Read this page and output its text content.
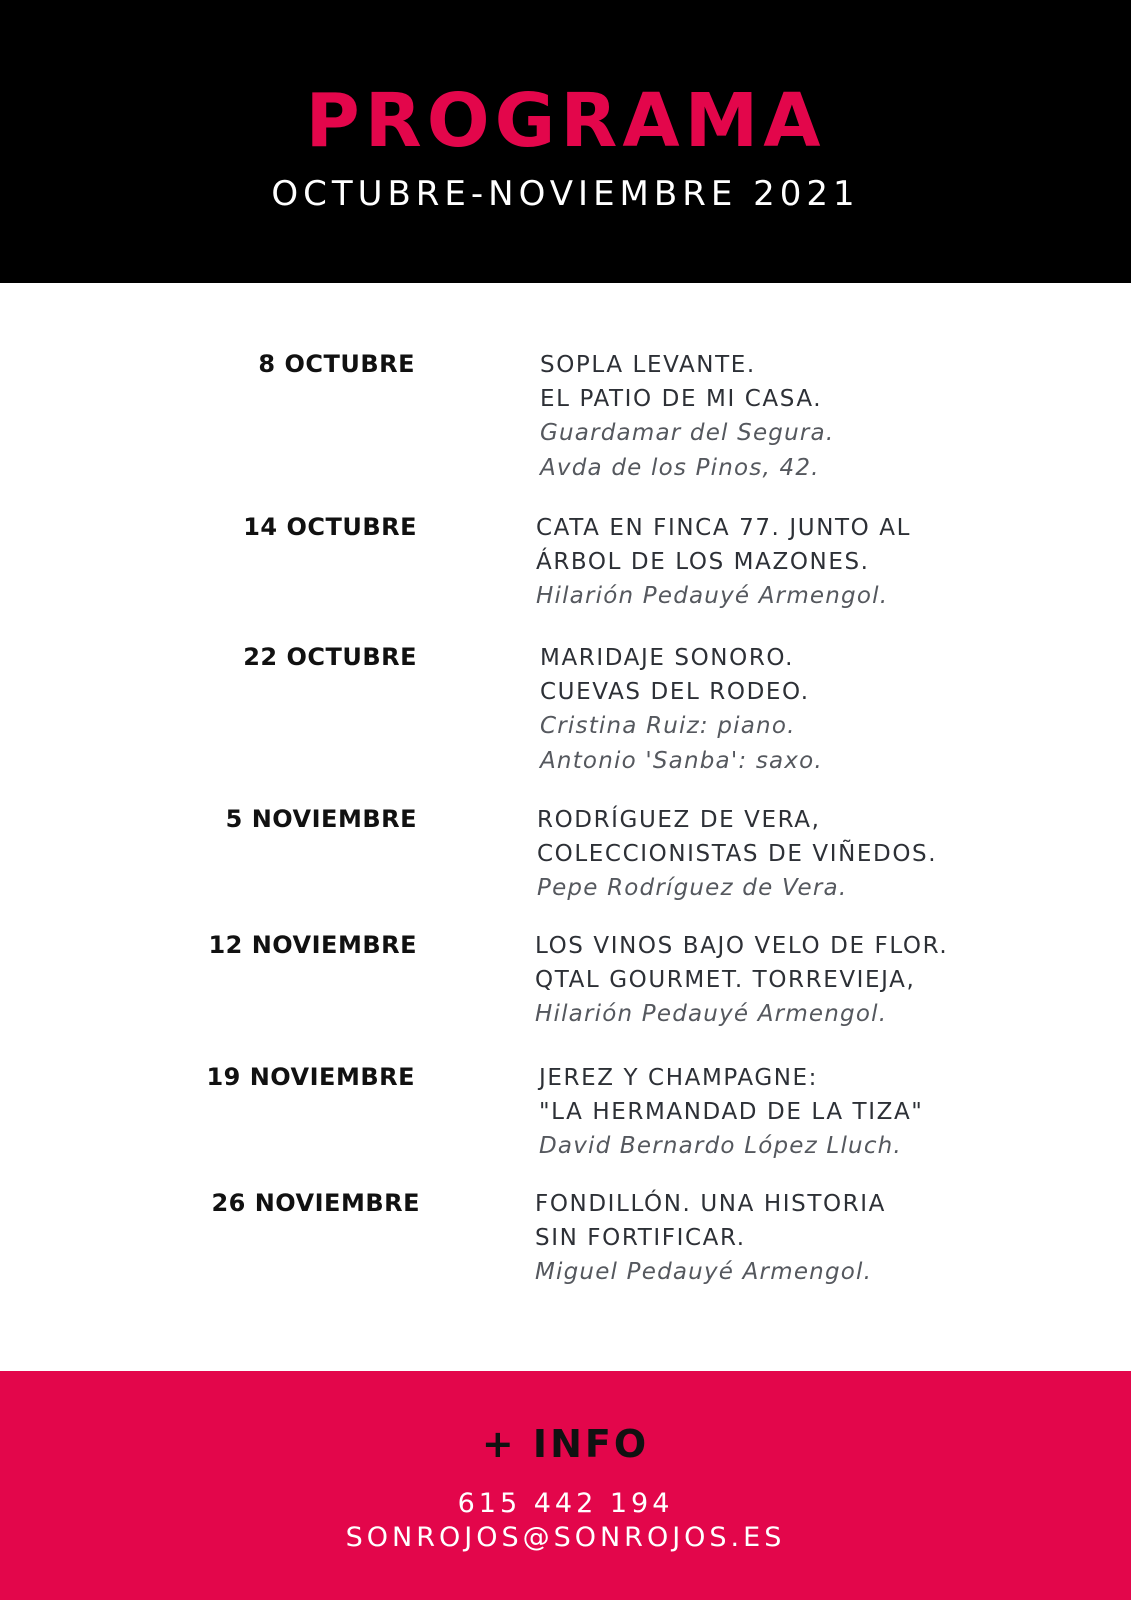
PROGRAMA
OCTUBRE-NOVIEMBRE 2021
8 OCTUBRE	SOPLA LEVANTE.
EL PATIO DE MI CASA.
Guardamar del Segura.
Avda de los Pinos, 42.
14 OCTUBRE	CATA EN FINCA 77. JUNTO AL
ÁRBOL DE LOS MAZONES.
Hilarión Pedauyé Armengol.
22 OCTUBRE	MARIDAJE SONORO.
CUEVAS DEL RODEO.
Cristina Ruiz: piano.
Antonio 'Sanba': saxo.
5 NOVIEMBRE	RODRÍGUEZ DE VERA,
COLECCIONISTAS DE VIÑEDOS.
Pepe Rodríguez de Vera.
12 NOVIEMBRE	LOS VINOS BAJO VELO DE FLOR.
QTAL GOURMET. TORREVIEJA,
Hilarión Pedauyé Armengol.
19 NOVIEMBRE	JEREZ Y CHAMPAGNE:
"LA HERMANDAD DE LA TIZA"
David Bernardo López Lluch.
26 NOVIEMBRE	FONDILLÓN. UNA HISTORIA
SIN FORTIFICAR.
Miguel Pedauyé Armengol.
+ INFO
615 442 194
SONROJOS@SONROJOS.ES
